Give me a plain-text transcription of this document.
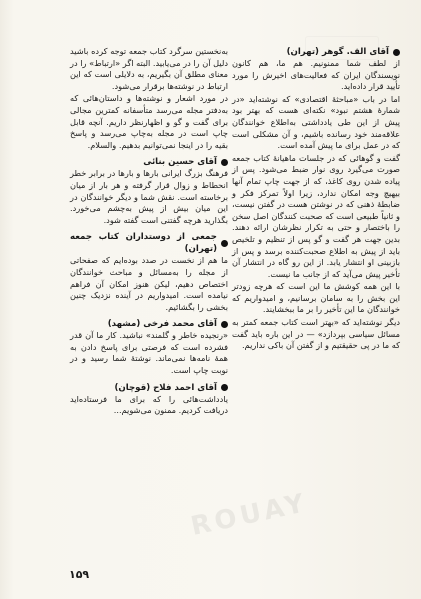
آقای الف. گوهر (تهران)

از لطف شما ممنونیم. هم ما، هم کانون نویسندگان ایران که فعالیت‌های اخیرش را مورد تأیید قرار داده‌اید.

اما در باب «مباحثهٔ اقتصادی» که نوشته‌اید «در شمارهٔ هشتم نبود» نکته‌ای هست که بهتر بود پیش از این طی یادداشتی به‌اطلاع خوانندگان علاقه‌مند خود رسانده باشیم، و آن مشکلی است که در عمل برای ما پیش آمده است.

گفت و گوهائی که در جلسات ماهیانهٔ کتاب جمعه صورت می‌گیرد روی نوار ضبط می‌شود. پس از پیاده شدن روی کاغذ، که از جهت چاپ تمام آنها بیهیچ وجه امکان ندارد، زیرا اولاً تمرکز فکر و ضابطهٔ ذهنی که در نوشتن هست در گفتن نیست، و ثانیاً طبیعی است که صحبت کنندگان اصل سخن را باختصار و حتی به تکرار نظرشان ارائه دهند. بدین جهت هر گفت و گو پس از تنظیم و تلخیص باید از پیش به اطلاع صحبت‌کننده برسد و پس از بازبینی او انتشار یابد. از این رو گاه در انتشار آن تأخیر پیش می‌آید که از جانب ما نیست.

با این همه کوشش ما این است که هرچه زودتر این بخش را به سامان برسانیم، و امیدواریم که خوانندگان ما این تأخیر را بر ما ببخشایند.

دیگر نوشته‌اید که «بهتر است کتاب جمعه کمتر به مسائل سیاسی بپردازد» — در این باره باید گفت که ما در پی حقیقتیم و از گفتن آن باکی نداریم.

به‌نخستین سرگرد کتاب جمعه توجه کرده باشید دلیل آن را در می‌یابید. البته اگر «ارتباط» را در معنای مطلق آن بگیریم، به دلایلی است که این ارتباط در نوشته‌ها برقرار می‌شود.

در مورد اشعار و نوشته‌ها و داستان‌هائی که به‌دفتر مجله می‌رسد متأسفانه کمترین مجالی برای گفت و گو و اظهارنظر داریم. آنچه قابل چاپ است در مجله به‌چاپ می‌رسد و پاسخ بقیه را در اینجا نمی‌توانیم بدهیم. والسلام.

آقای حسین بنائی

فرهنگ بزرگ ایرانی بارها و بارها در برابر خطر انحطاط و زوال قرار گرفته و هر بار از میان برخاسته است. نقش شما و دیگر خوانندگان در این میان بیش از پیش به‌چشم می‌خورد. بگذارید هرچه گفتنی است گفته شود.

جمعی از دوستداران کتاب جمعه (تهران)

ما هم از نخست در صدد بوده‌ایم که صفحاتی از مجله را به‌مسائل و مباحث خوانندگان اختصاص دهیم، لیکن هنوز امکان آن فراهم نیامده است. امیدواریم در آینده نزدیک چنین بخشی را بگشائیم.

آقای محمد فرخی (مشهد)

«رنجیده خاطر و گلمند» نباشید. کار ما آن قدر فشرده است که فرصتی برای پاسخ دادن به همهٔ نامه‌ها نمی‌ماند. نوشتهٔ شما رسید و در نوبت چاپ است.

آقای احمد فلاح (قوچان)

یادداشت‌هائی را که برای ما فرستاده‌اید دریافت کردیم. ممنون می‌شویم...

ROUAY
۱۵۹
